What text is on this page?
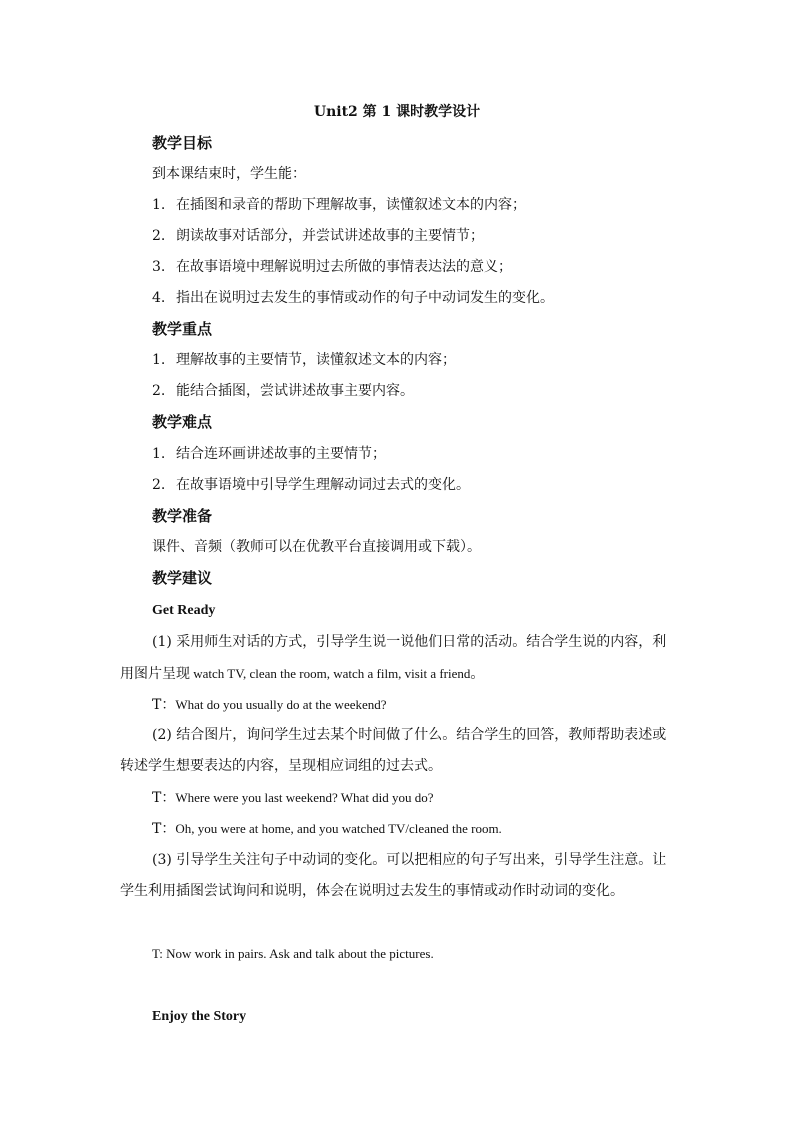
Unit2 第 1 课时教学设计
教学目标
到本课结束时，学生能：
1. 在插图和录音的帮助下理解故事，读懂叙述文本的内容；
2. 朗读故事对话部分，并尝试讲述故事的主要情节；
3. 在故事语境中理解说明过去所做的事情表达法的意义；
4. 指出在说明过去发生的事情或动作的句子中动词发生的变化。
教学重点
1. 理解故事的主要情节，读懂叙述文本的内容；
2. 能结合插图，尝试讲述故事主要内容。
教学难点
1. 结合连环画讲述故事的主要情节；
2. 在故事语境中引导学生理解动词过去式的变化。
教学准备
课件、音频（教师可以在优教平台直接调用或下载）。
教学建议
Get Ready
(1) 采用师生对话的方式，引导学生说一说他们日常的活动。结合学生说的内容，利用图片呈现 watch TV, clean the room, watch a film, visit a friend。
T：What do you usually do at the weekend?
(2) 结合图片，询问学生过去某个时间做了什么。结合学生的回答，教师帮助表述或转述学生想要表达的内容，呈现相应词组的过去式。
T：Where were you last weekend? What did you do?
T：Oh, you were at home, and you watched TV/cleaned the room.
(3) 引导学生关注句子中动词的变化。可以把相应的句子写出来，引导学生注意。让学生利用插图尝试询问和说明，体会在说明过去发生的事情或动作时动词的变化。
T: Now work in pairs. Ask and talk about the pictures.
Enjoy the Story
